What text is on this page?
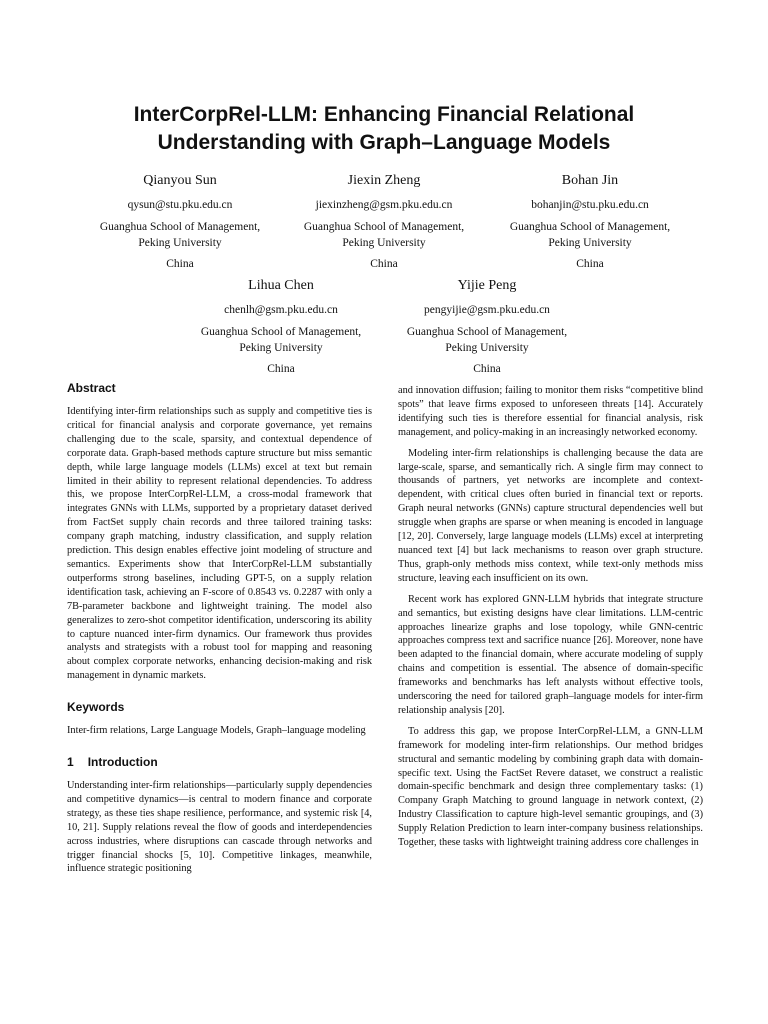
InterCorpRel-LLM: Enhancing Financial Relational
Understanding with Graph–Language Models
Qianyou Sun
qysun@stu.pku.edu.cn
Guanghua School of Management,
Peking University
China
Jiexin Zheng
jiexinzheng@gsm.pku.edu.cn
Guanghua School of Management,
Peking University
China
Bohan Jin
bohanjin@stu.pku.edu.cn
Guanghua School of Management,
Peking University
China
Lihua Chen
chenlh@gsm.pku.edu.cn
Guanghua School of Management,
Peking University
China
Yijie Peng
pengyijie@gsm.pku.edu.cn
Guanghua School of Management,
Peking University
China
Abstract

Identifying inter-firm relationships such as supply and competitive ties is critical for financial analysis and corporate governance, yet remains challenging due to the scale, sparsity, and contextual dependence of corporate data. Graph-based methods capture structure but miss semantic depth, while large language models (LLMs) excel at text but remain limited in their ability to represent relational dependencies. To address this, we propose InterCorpRel-LLM, a cross-modal framework that integrates GNNs with LLMs, supported by a proprietary dataset derived from FactSet supply chain records and three tailored training tasks: company graph matching, industry classification, and supply relation prediction. This design enables effective joint modeling of structure and semantics. Experiments show that InterCorpRel-LLM substantially outperforms strong baselines, including GPT-5, on a supply relation identification task, achieving an F-score of 0.8543 vs. 0.2287 with only a 7B-parameter backbone and lightweight training. The model also generalizes to zero-shot competitor identification, underscoring its ability to capture nuanced inter-firm dynamics. Our framework thus provides analysts and strategists with a robust tool for mapping and reasoning about complex corporate networks, enhancing decision-making and risk management in dynamic markets.

Keywords

Inter-firm relations, Large Language Models, Graph–language modeling

1 Introduction

Understanding inter-firm relationships—particularly supply dependencies and competitive dynamics—is central to modern finance and corporate strategy, as these ties shape resilience, performance, and systemic risk [4, 10, 21]. Supply relations reveal the flow of goods and interdependencies across industries, where disruptions can cascade through networks and trigger financial shocks [5, 10]. Competitive linkages, meanwhile, influence strategic positioning

and innovation diffusion; failing to monitor them risks “competitive blind spots” that leave firms exposed to unforeseen threats [14]. Accurately identifying such ties is therefore essential for financial analysis, risk management, and policy-making in an increasingly networked economy.

Modeling inter-firm relationships is challenging because the data are large-scale, sparse, and semantically rich. A single firm may connect to thousands of partners, yet networks are incomplete and context-dependent, with critical clues often buried in financial text or reports. Graph neural networks (GNNs) capture structural dependencies well but struggle when graphs are sparse or when meaning is encoded in language [12, 20]. Conversely, large language models (LLMs) excel at interpreting nuanced text [4] but lack mechanisms to reason over graph structure. Thus, graph-only methods miss context, while text-only methods miss structure, leaving each insufficient on its own.

Recent work has explored GNN-LLM hybrids that integrate structure and semantics, but existing designs have clear limitations. LLM-centric approaches linearize graphs and lose topology, while GNN-centric approaches compress text and sacrifice nuance [26]. Moreover, none have been adapted to the financial domain, where accurate modeling of supply chains and competition is essential. The absence of domain-specific frameworks and benchmarks has left analysts without effective tools, underscoring the need for tailored graph–language models for inter-firm relationship analysis [20].

To address this gap, we propose InterCorpRel-LLM, a GNN-LLM framework for modeling inter-firm relationships. Our method bridges structural and semantic modeling by combining graph data with domain-specific text. Using the FactSet Revere dataset, we construct a realistic domain-specific benchmark and design three complementary tasks: (1) Company Graph Matching to ground language in network context, (2) Industry Classification to capture high-level semantic groupings, and (3) Supply Relation Prediction to learn inter-company business relationships. Together, these tasks with lightweight training address core challenges in
